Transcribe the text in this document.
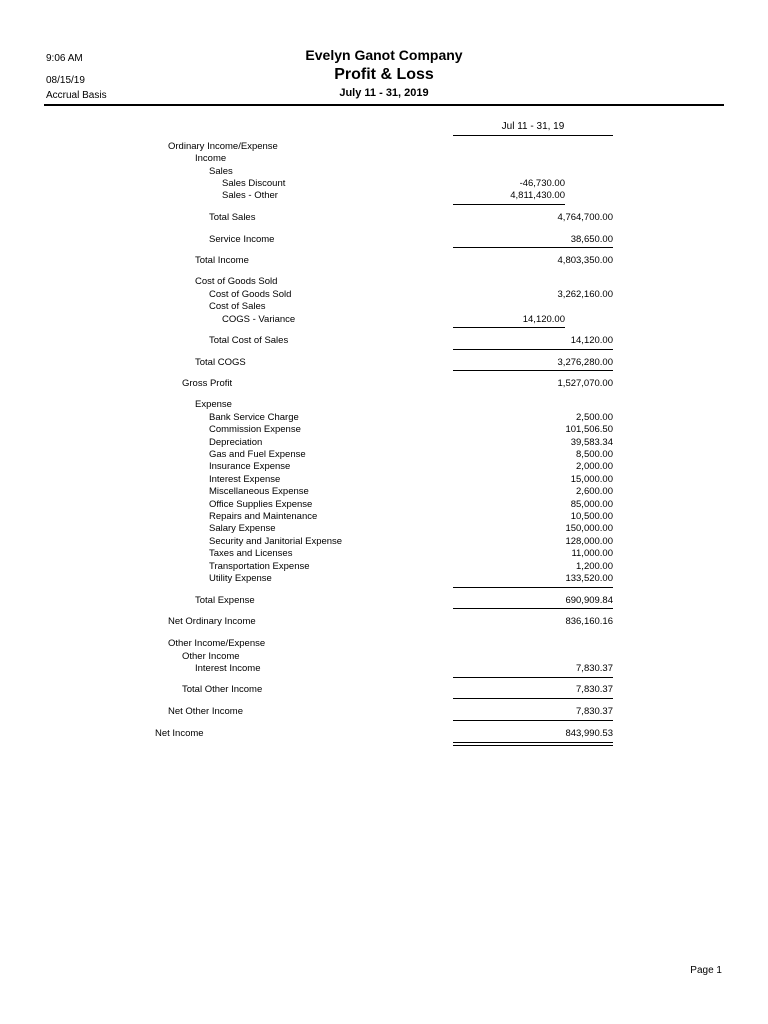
9:06 AM
08/15/19
Accrual Basis
Evelyn Ganot Company
Profit & Loss
July 11 - 31, 2019
Jul 11 - 31, 19
Ordinary Income/Expense
Income
Sales
Sales Discount	-46,730.00
Sales - Other	4,811,430.00
Total Sales	4,764,700.00
Service Income	38,650.00
Total Income	4,803,350.00
Cost of Goods Sold
Cost of Goods Sold	3,262,160.00
Cost of Sales
COGS - Variance	14,120.00
Total Cost of Sales	14,120.00
Total COGS	3,276,280.00
Gross Profit	1,527,070.00
Expense
Bank Service Charge	2,500.00
Commission Expense	101,506.50
Depreciation	39,583.34
Gas and Fuel Expense	8,500.00
Insurance Expense	2,000.00
Interest Expense	15,000.00
Miscellaneous Expense	2,600.00
Office Supplies Expense	85,000.00
Repairs and Maintenance	10,500.00
Salary Expense	150,000.00
Security and Janitorial Expense	128,000.00
Taxes and Licenses	11,000.00
Transportation Expense	1,200.00
Utility Expense	133,520.00
Total Expense	690,909.84
Net Ordinary Income	836,160.16
Other Income/Expense
Other Income
Interest Income	7,830.37
Total Other Income	7,830.37
Net Other Income	7,830.37
Net Income	843,990.53
Page 1
